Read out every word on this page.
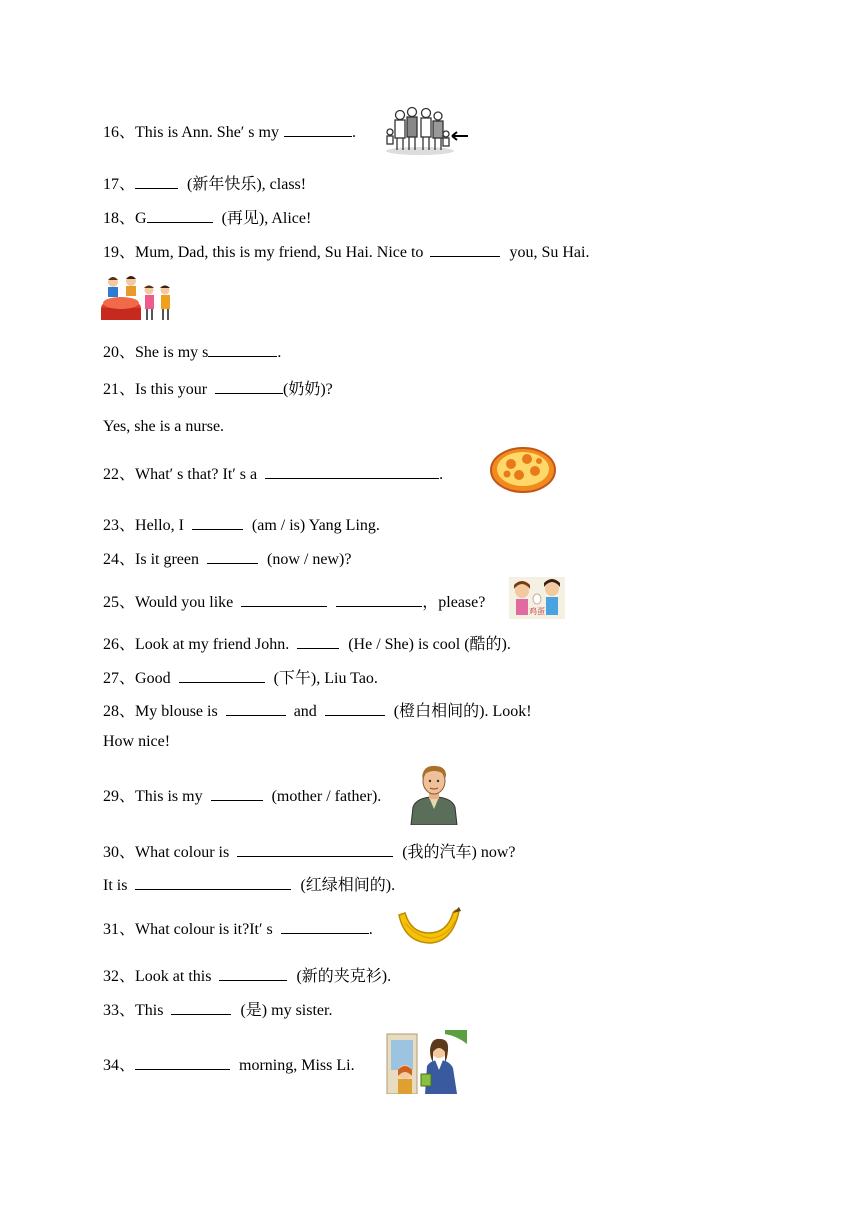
16、This is Ann. She′ s my	.
17、	(新年快乐), class!
18、G	(再见), Alice!
19、Mum, Dad, this is my friend, Su Hai. Nice to	you, Su Hai.
20、She is my s	.
21、Is this your	(奶奶)?
Yes, she is a nurse.
22、What′ s that? It′ s a	.
23、Hello, I	(am / is) Yang Ling.
24、Is it green	(now / new)?
25、Would you like	，please?
鸡蛋
26、Look at my friend John.	(He / She) is cool (酷的).
27、Good	(下午), Liu Tao.
28、My blouse is	and	(橙白相间的). Look!
How nice!
29、This is my	(mother / father).
30、What colour is	(我的汽车) now?
It is	(红绿相间的).
31、What colour is it?It′ s	.
32、Look at this	(新的夹克衫).
33、This	(是) my sister.
34、	morning, Miss Li.
